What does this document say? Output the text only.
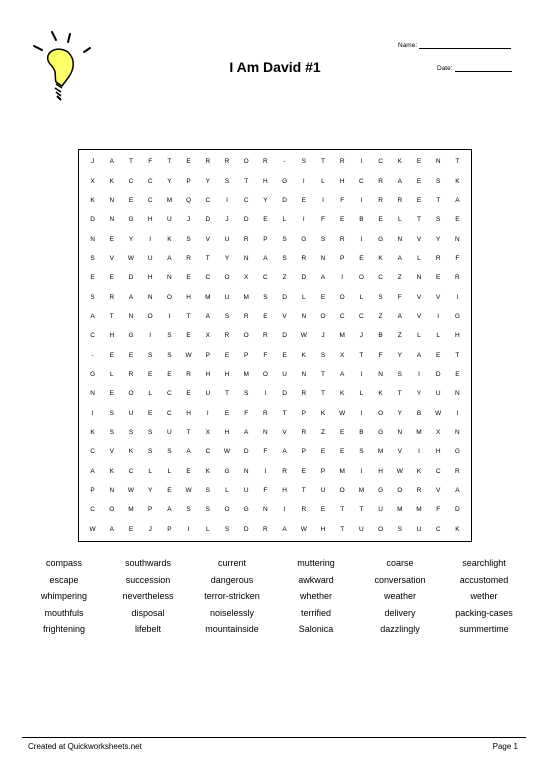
I Am David #1
Name:
Date:
J	A	T	F	T	E	R	R	O	R	-	S	T	R	I	C	K	E	N	T
X	K	C	C	Y	P	Y	S	T	H	G	I	L	H	C	R	A	E	S	K
K	N	E	C	M	Q	C	I	C	Y	D	E	I	F	I	R	R	E	T	A
D	N	G	H	U	J	D	J	D	E	L	I	F	E	B	E	L	T	S	E
N	E	Y	I	K	S	V	U	R	P	S	G	S	R	I	G	N	V	Y	N
S	V	W	U	A	R	T	Y	N	A	S	R	N	P	E	K	A	L	R	F
E	E	D	H	N	E	C	O	X	C	Z	D	A	I	O	C	Z	N	E	R
S	R	A	N	O	H	M	U	M	S	D	L	E	O	L	S	F	V	V	I
A	T	N	O	I	T	A	S	R	E	V	N	O	C	C	Z	A	V	I	G
C	H	G	I	S	E	X	R	O	R	D	W	J	M	J	B	Z	L	L	H
-	E	E	S	S	W	P	E	P	F	E	K	S	X	T	F	Y	A	E	T
G	L	R	E	E	R	H	H	M	O	U	N	T	A	I	N	S	I	D	E
N	E	O	L	C	E	U	T	S	I	D	R	T	K	L	K	T	Y	U	N
I	S	U	E	C	H	I	E	F	R	T	P	K	W	I	O	Y	B	W	I
K	S	S	S	U	T	X	H	A	N	V	R	Z	E	B	G	N	M	X	N
C	V	K	S	S	A	C	W	D	F	A	P	E	E	S	M	V	I	H	G
A	K	C	L	L	E	K	G	N	I	R	E	P	M	I	H	W	K	C	R
P	N	W	Y	E	W	S	L	U	F	H	T	U	O	M	G	O	R	V	A
C	O	M	P	A	S	S	O	G	N	I	R	E	T	T	U	M	M	F	D
W	A	E	J	P	I	L	S	D	R	A	W	H	T	U	O	S	U	C	K
compass	southwards	current	muttering	coarse	searchlight
escape	succession	dangerous	awkward	conversation	accustomed
whimpering	nevertheless	terror-stricken	whether	weather	wether
mouthfuls	disposal	noiselessly	terrified	delivery	packing-cases
frightening	lifebelt	mountainside	Salonica	dazzlingly	summertime
Created at Quickworksheets.net	Page 1
